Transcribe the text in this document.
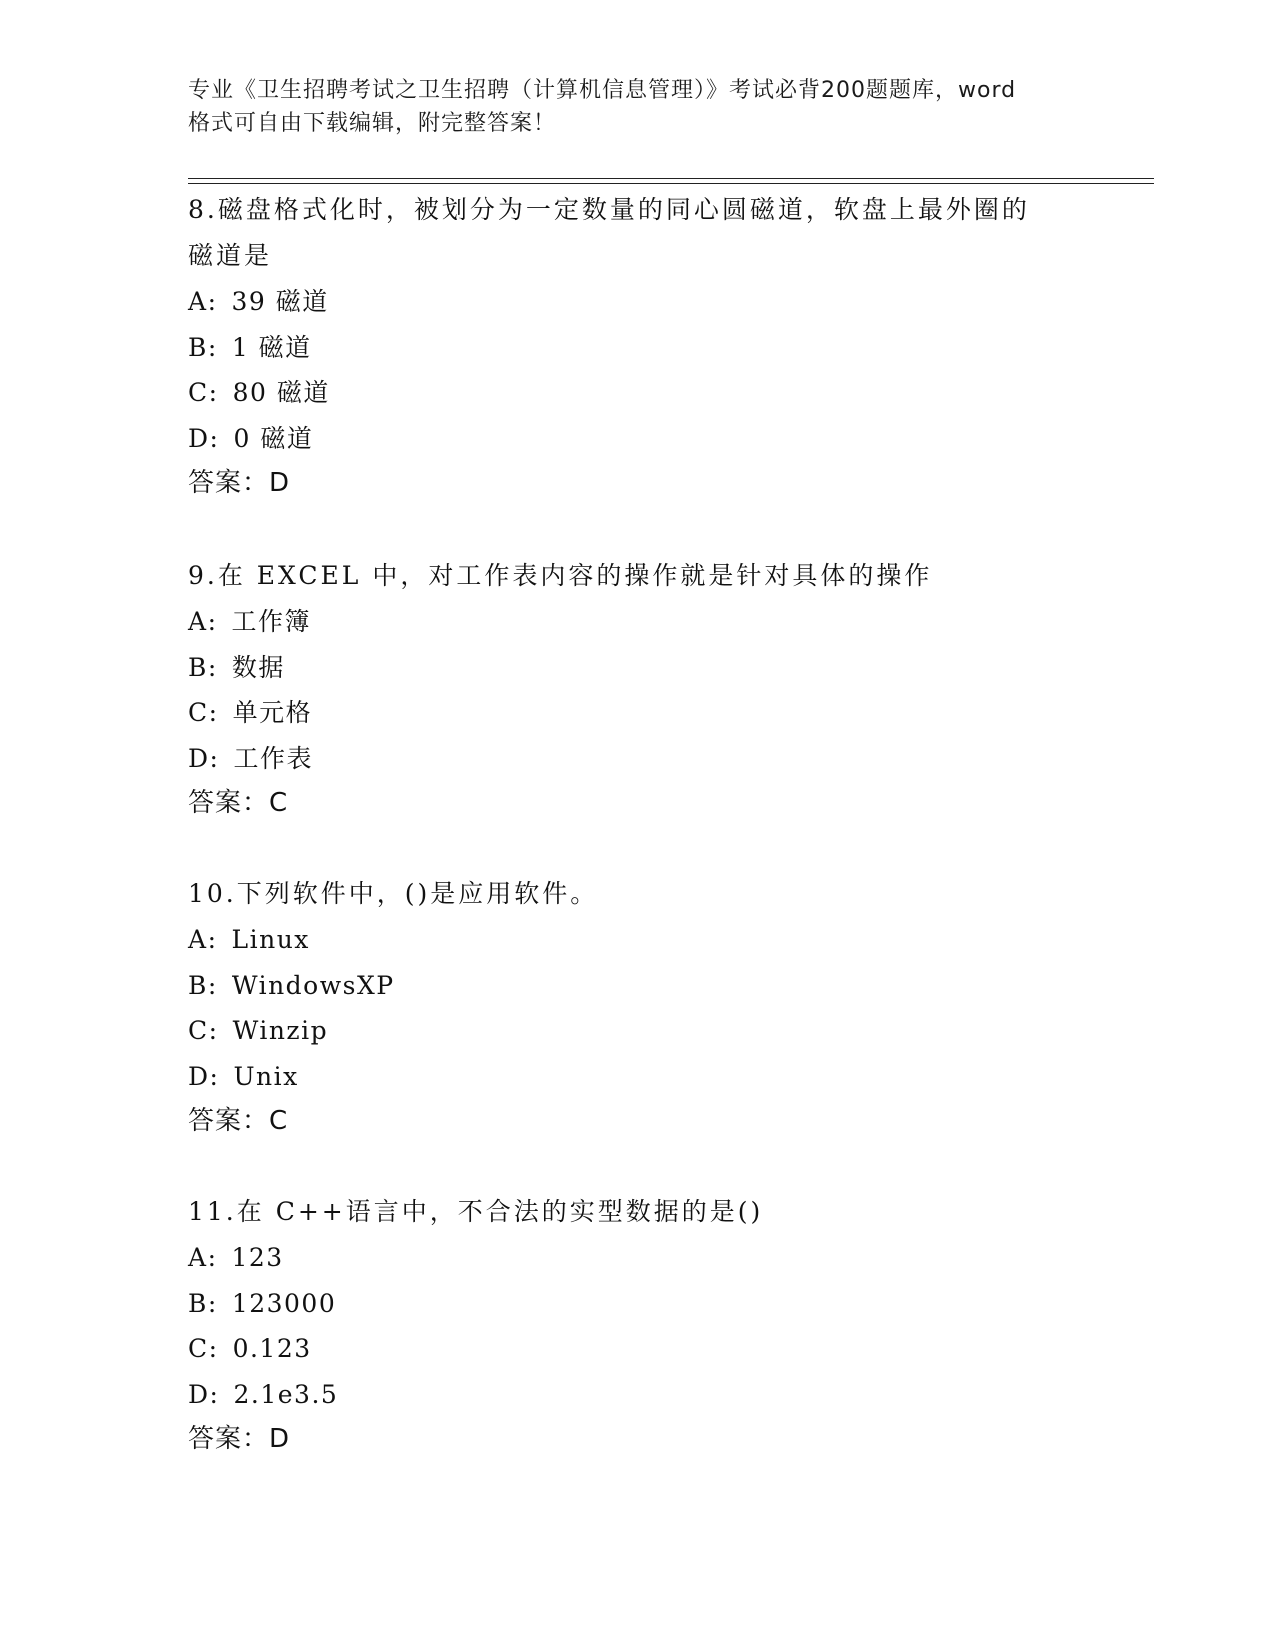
专业《卫生招聘考试之卫生招聘（计算机信息管理）》考试必背200题题库，word
格式可自由下载编辑，附完整答案！
8.磁盘格式化时，被划分为一定数量的同心圆磁道，软盘上最外圈的
磁道是
A: 39 磁道
B: 1 磁道
C: 80 磁道
D: 0 磁道
答案：D
9.在 EXCEL 中，对工作表内容的操作就是针对具体的操作
A: 工作簿
B: 数据
C: 单元格
D: 工作表
答案：C
10.下列软件中，()是应用软件。
A: Linux
B: WindowsXP
C: Winzip
D: Unix
答案：C
11.在 C++语言中，不合法的实型数据的是()
A: 123
B: 123000
C: 0.123
D: 2.1e3.5
答案：D
